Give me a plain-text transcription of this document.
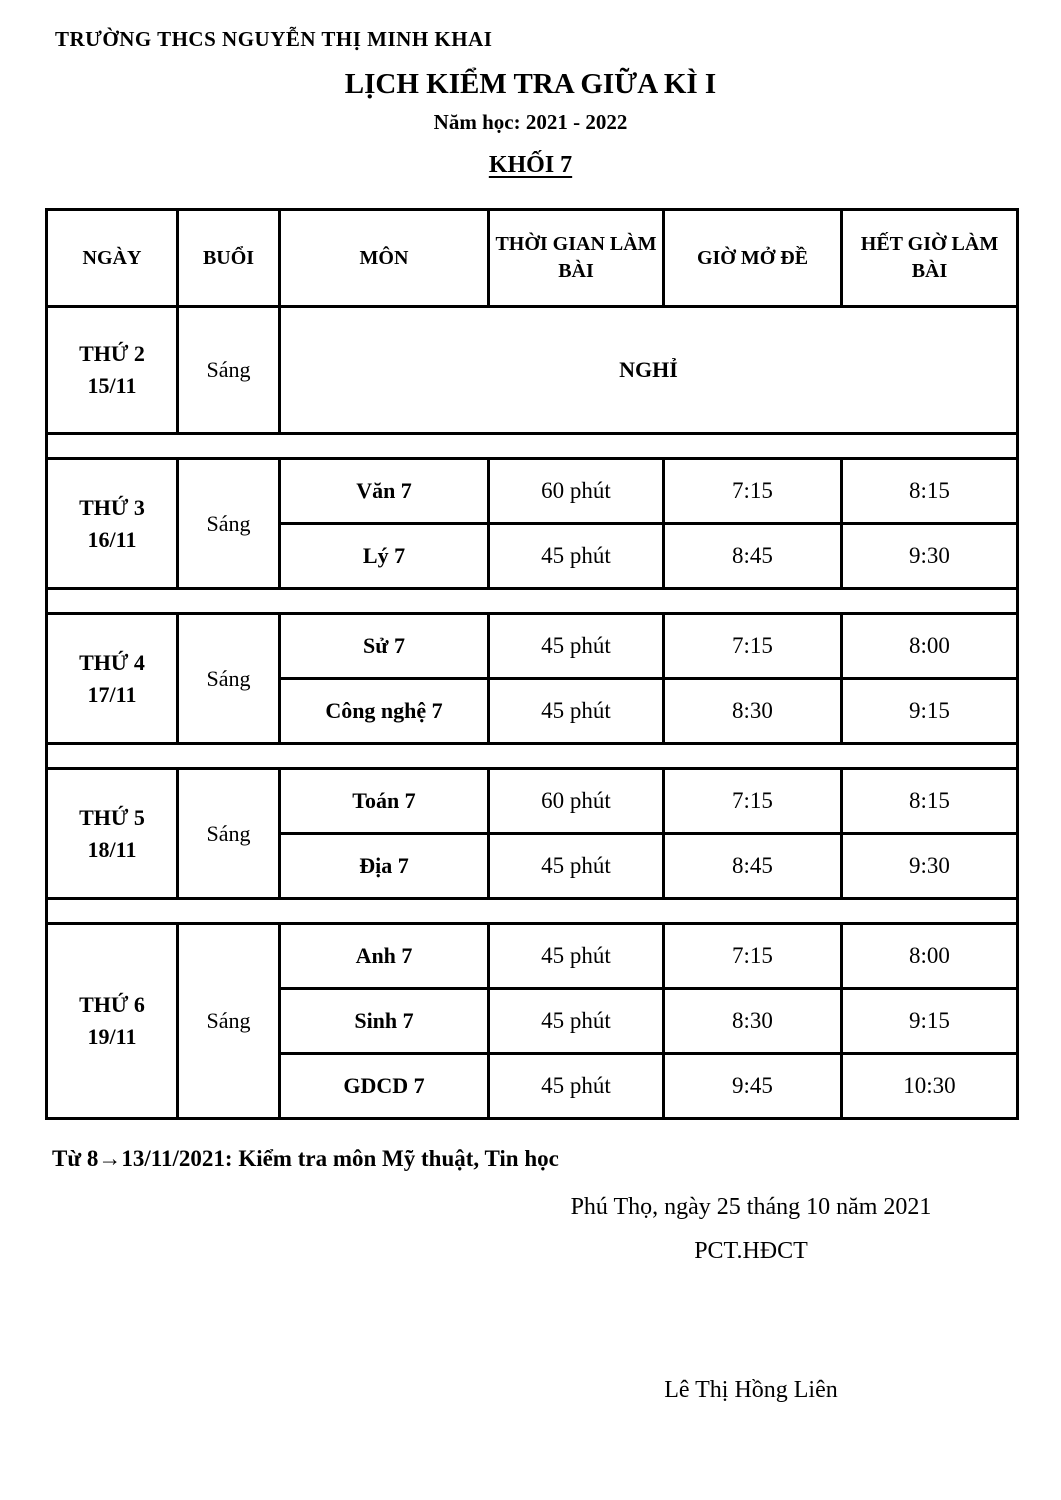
TRƯỜNG THCS NGUYỄN THỊ MINH KHAI
LỊCH KIỂM TRA GIỮA KÌ I
Năm học: 2021 - 2022
KHỐI 7
NGÀY	BUỔI	MÔN	THỜI GIAN LÀM BÀI	GIỜ MỞ ĐỀ	HẾT GIỜ LÀM BÀI

THỨ 2
15/11	Sáng	NGHỈ			

THỨ 3
16/11	Sáng	Văn 7	60 phút	7:15	8:15
		Lý 7	45 phút	8:45	9:30

THỨ 4
17/11	Sáng	Sử 7	45 phút	7:15	8:00
		Công nghệ 7	45 phút	8:30	9:15

THỨ 5
18/11	Sáng	Toán 7	60 phút	7:15	8:15
		Địa 7	45 phút	8:45	9:30

THỨ 6
19/11	Sáng	Anh 7	45 phút	7:15	8:00
		Sinh 7	45 phút	8:30	9:15
		GDCD 7	45 phút	9:45	10:30
Từ 8→13/11/2021: Kiểm tra môn Mỹ thuật, Tin học
Phú Thọ, ngày 25 tháng 10 năm 2021
PCT.HĐCT
Lê Thị Hồng Liên
